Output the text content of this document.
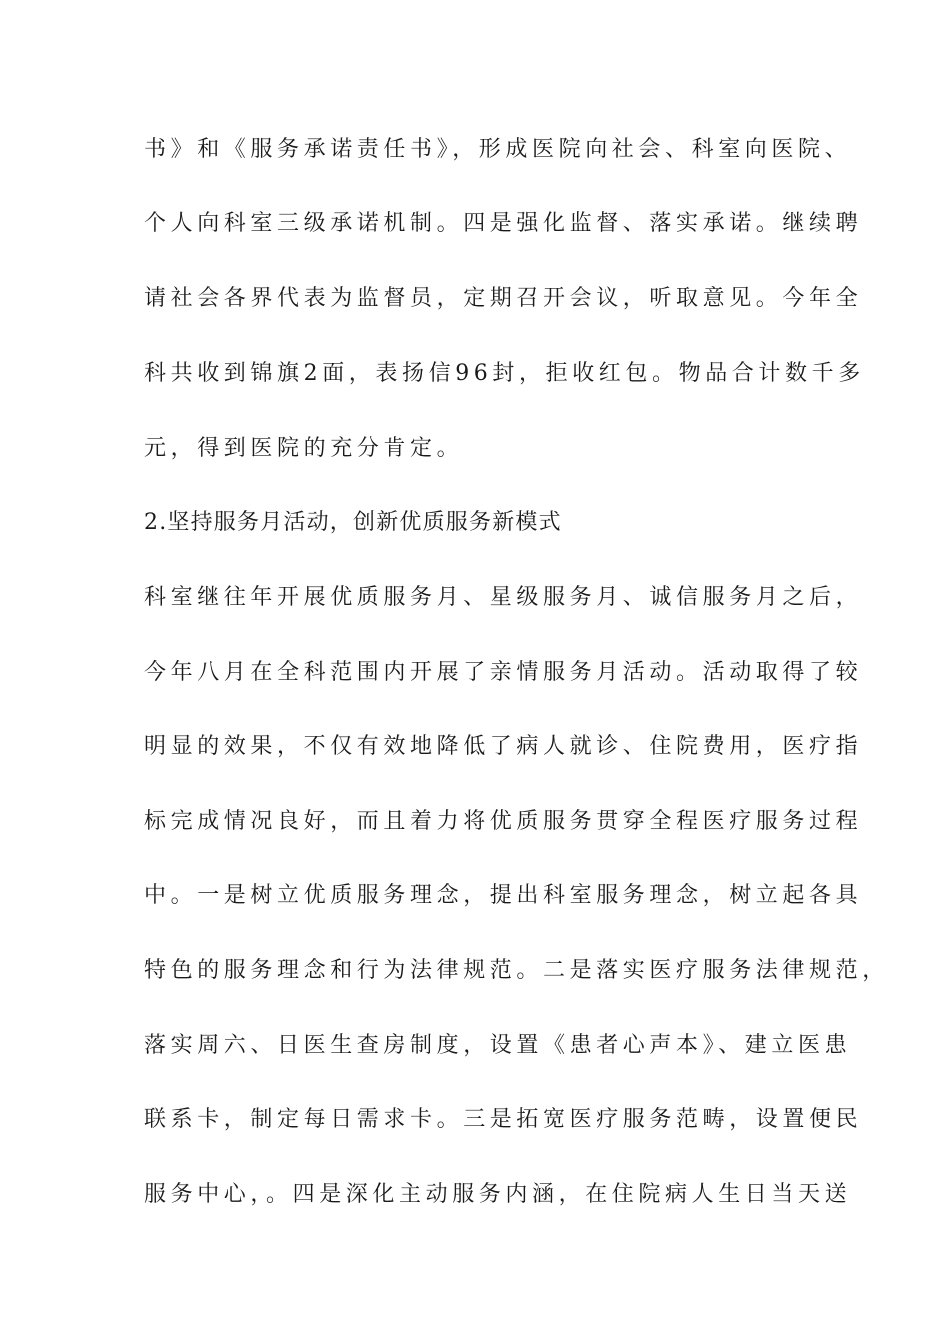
书》和《服务承诺责任书》，形成医院向社会、科室向医院、
个人向科室三级承诺机制。四是强化监督、落实承诺。继续聘
请社会各界代表为监督员，定期召开会议，听取意见。今年全
科共收到锦旗2面，表扬信96封，拒收红包。物品合计数千多
元，得到医院的充分肯定。
2.坚持服务月活动，创新优质服务新模式
科室继往年开展优质服务月、星级服务月、诚信服务月之后，
今年八月在全科范围内开展了亲情服务月活动。活动取得了较
明显的效果，不仅有效地降低了病人就诊、住院费用，医疗指
标完成情况良好，而且着力将优质服务贯穿全程医疗服务过程
中。一是树立优质服务理念，提出科室服务理念，树立起各具
特色的服务理念和行为法律规范。二是落实医疗服务法律规范，
落实周六、日医生查房制度，设置《患者心声本》、建立医患
联系卡，制定每日需求卡。三是拓宽医疗服务范畴，设置便民
服务中心，。四是深化主动服务内涵，在住院病人生日当天送
